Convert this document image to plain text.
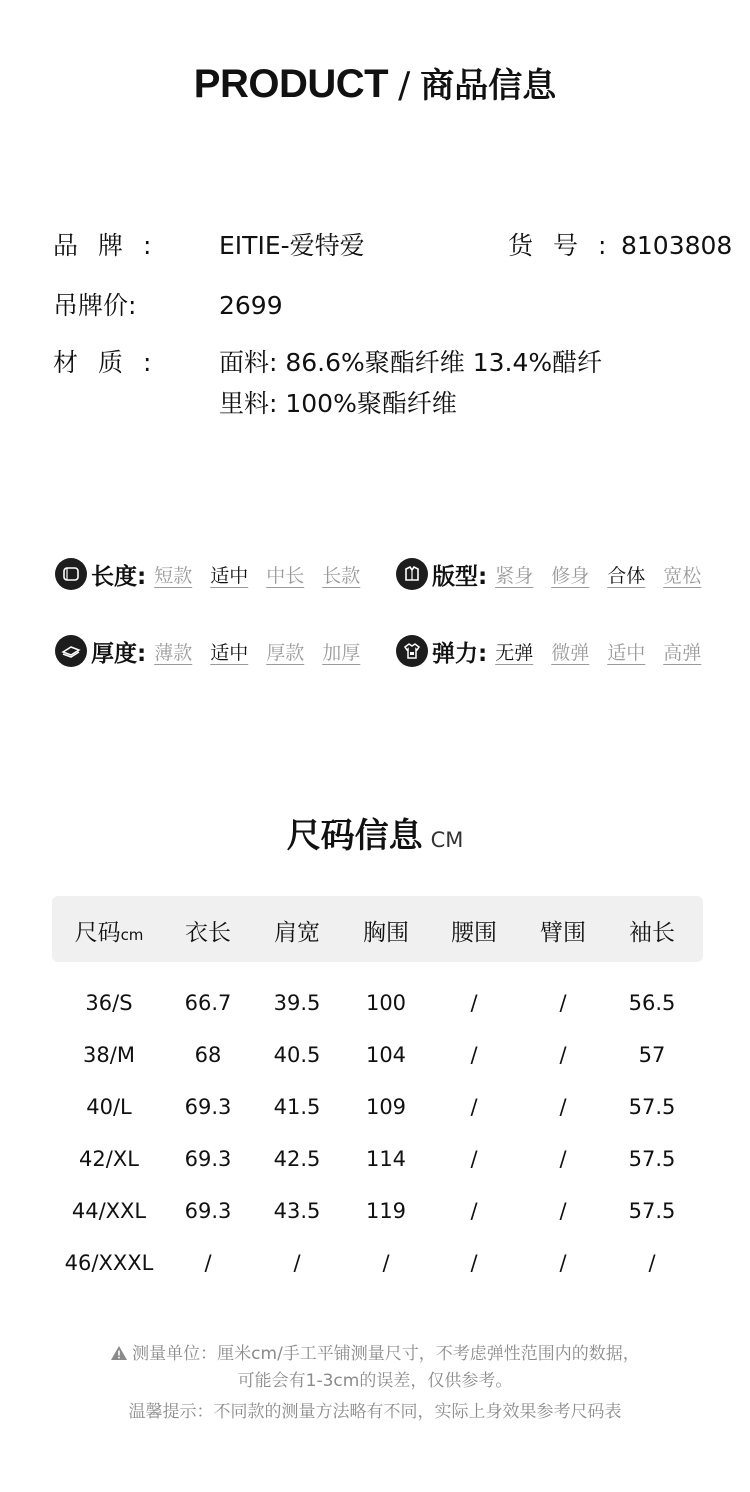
PRODUCT / 商品信息
品牌: EITIE-爱特爱	货号:
8103808
吊牌价:	2699
材质: 面料: 86.6%聚酯纤维 13.4%醋纤
里料: 100%聚酯纤维
长度: 短款 适中 中长 长款	版型: 紧身 修身 合体 宽松
厚度: 薄款 适中 厚款 加厚	弹力: 无弹 微弹 适中 高弹
尺码信息 CM
尺码cm	衣长	肩宽	胸围	腰围	臂围	袖长
36/S	66.7	39.5	100	/	/	56.5
38/M	68	40.5	104	/	/	57
40/L	69.3	41.5	109	/	/	57.5
42/XL	69.3	42.5	114	/	/	57.5
44/XXL	69.3	43.5	119	/	/	57.5
46/XXXL	/	/	/	/	/	/
测量单位：厘米cm/手工平铺测量尺寸，不考虑弹性范围内的数据，
可能会有1-3cm的误差，仅供参考。
温馨提示：不同款的测量方法略有不同，实际上身效果参考尺码表
